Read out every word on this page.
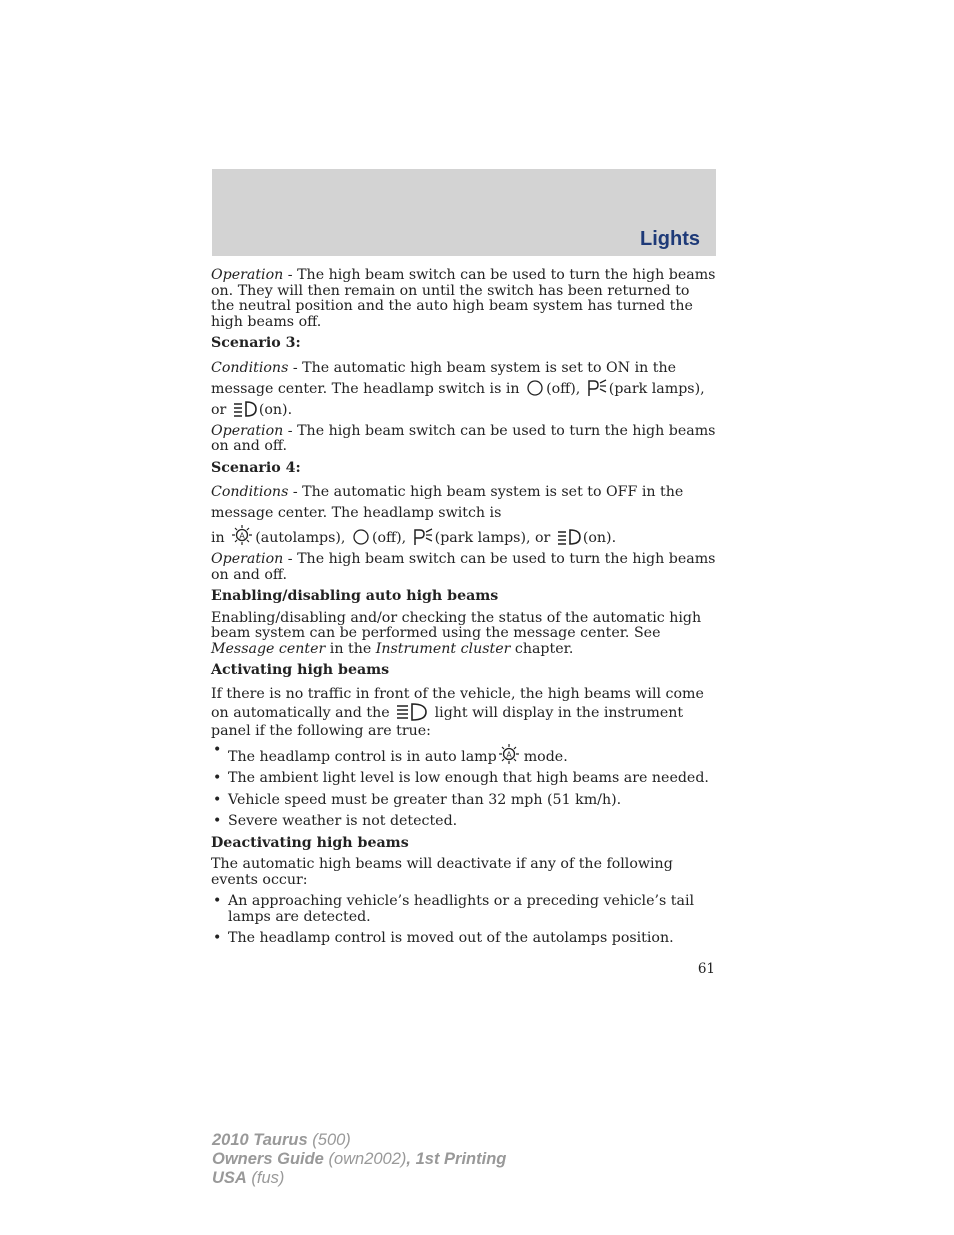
Lights

Operation - The high beam switch can be used to turn the high beams on. They will then remain on until the switch has been returned to the neutral position and the auto high beam system has turned the high beams off.

Scenario 3:

Conditions - The automatic high beam system is set to ON in the message center. The headlamp switch is in (off), (park lamps), or (on).

Operation - The high beam switch can be used to turn the high beams on and off.

Scenario 4:

Conditions - The automatic high beam system is set to OFF in the message center. The headlamp switch is
in A (autolamps), (off), (park lamps), or (on).

Operation - The high beam switch can be used to turn the high beams on and off.

Enabling/disabling auto high beams

Enabling/disabling and/or checking the status of the automatic high beam system can be performed using the message center. See Message center in the Instrument cluster chapter.

Activating high beams

If there is no traffic in front of the vehicle, the high beams will come on automatically and the	light will display in the instrument panel if the following are true:

• The headlamp control is in auto lamp A mode.
• The ambient light level is low enough that high beams are needed.
• Vehicle speed must be greater than 32 mph (51 km/h).
• Severe weather is not detected.

Deactivating high beams

The automatic high beams will deactivate if any of the following events occur:

• An approaching vehicle’s headlights or a preceding vehicle’s tail lamps are detected.
• The headlamp control is moved out of the autolamps position.
61
2010 Taurus (500)
Owners Guide (own2002), 1st Printing
USA (fus)
